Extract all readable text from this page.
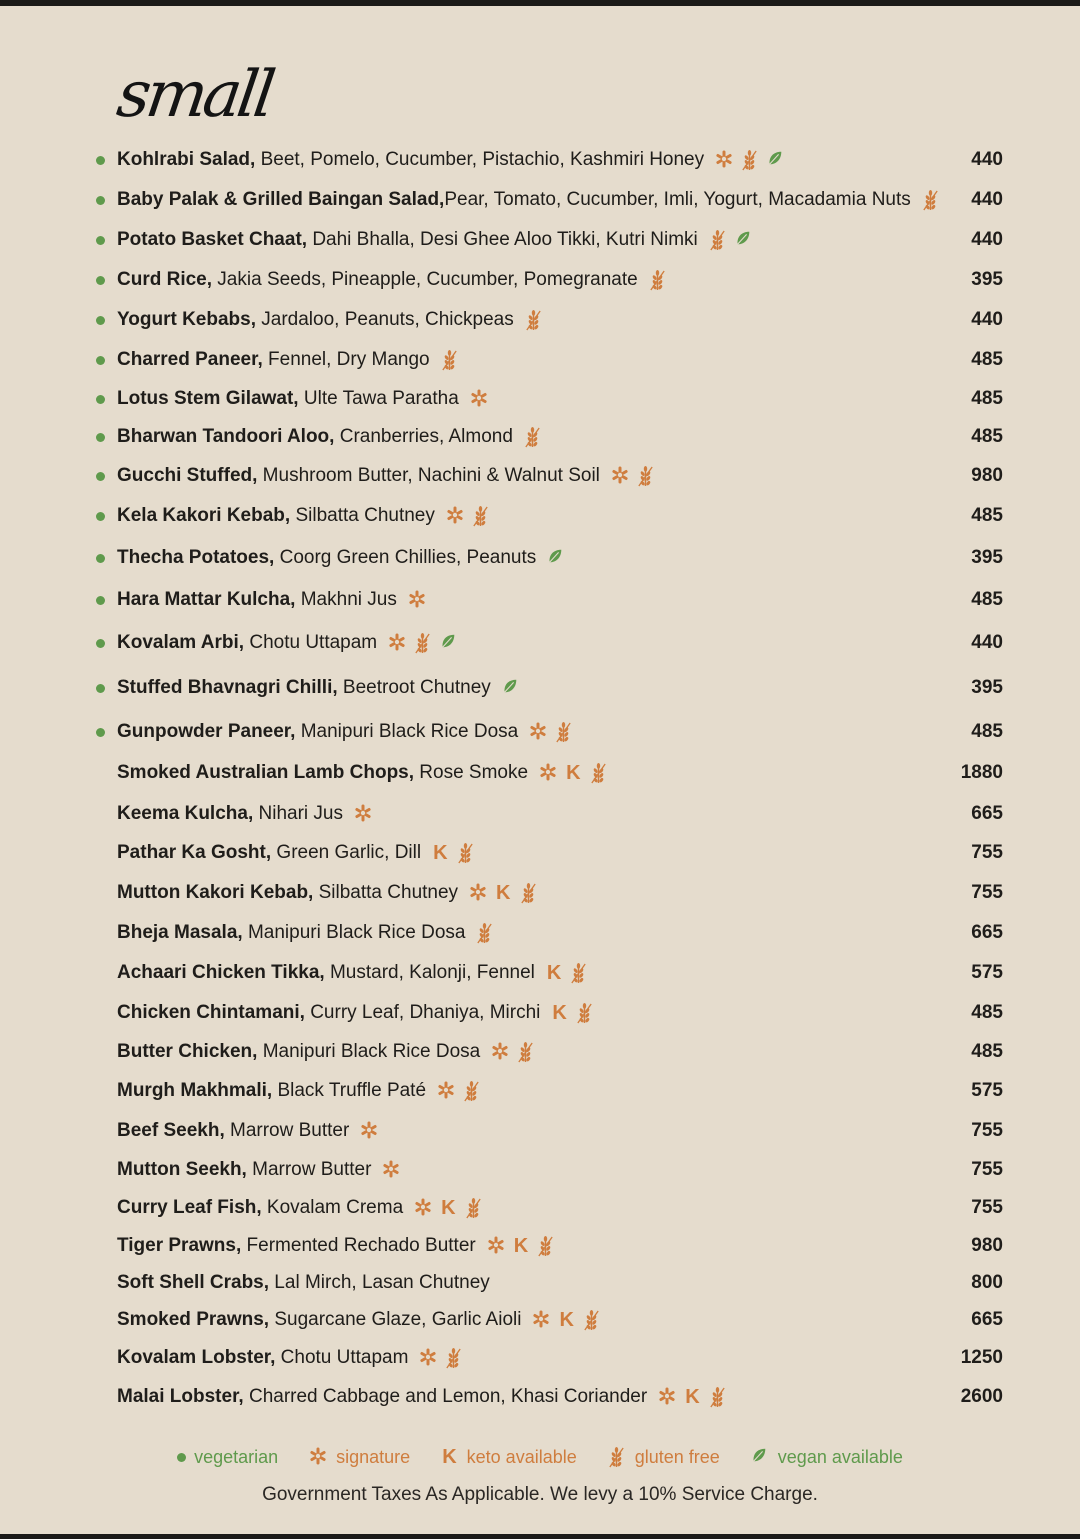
small
Kohlrabi Salad, Beet, Pomelo, Cucumber, Pistachio, Kashmiri Honey	440
Baby Palak & Grilled Baingan Salad, Pear, Tomato, Cucumber, Imli, Yogurt, Macadamia Nuts	440
Potato Basket Chaat, Dahi Bhalla, Desi Ghee Aloo Tikki, Kutri Nimki	440
Curd Rice, Jakia Seeds, Pineapple, Cucumber, Pomegranate	395
Yogurt Kebabs, Jardaloo, Peanuts, Chickpeas	440
Charred Paneer, Fennel, Dry Mango	485
Lotus Stem Gilawat, Ulte Tawa Paratha	485
Bharwan Tandoori Aloo, Cranberries, Almond	485
Gucchi Stuffed, Mushroom Butter, Nachini & Walnut Soil	980
Kela Kakori Kebab, Silbatta Chutney	485
Thecha Potatoes, Coorg Green Chillies, Peanuts	395
Hara Mattar Kulcha, Makhni Jus	485
Kovalam Arbi, Chotu Uttapam	440
Stuffed Bhavnagri Chilli, Beetroot Chutney	395
Gunpowder Paneer, Manipuri Black Rice Dosa	485
Smoked Australian Lamb Chops, Rose Smoke K	1880
Keema Kulcha, Nihari Jus	665
Pathar Ka Gosht, Green Garlic, Dill K	755
Mutton Kakori Kebab, Silbatta Chutney K	755
Bheja Masala, Manipuri Black Rice Dosa	665
Achaari Chicken Tikka, Mustard, Kalonji, Fennel K	575
Chicken Chintamani, Curry Leaf, Dhaniya, Mirchi K	485
Butter Chicken, Manipuri Black Rice Dosa	485
Murgh Makhmali, Black Truffle Paté	575
Beef Seekh, Marrow Butter	755
Mutton Seekh, Marrow Butter	755
Curry Leaf Fish, Kovalam Crema K	755
Tiger Prawns, Fermented Rechado Butter K	980
Soft Shell Crabs, Lal Mirch, Lasan Chutney	800
Smoked Prawns, Sugarcane Glaze, Garlic Aioli K	665
Kovalam Lobster, Chotu Uttapam	1250
Malai Lobster, Charred Cabbage and Lemon, Khasi Coriander K	2600
vegetarian	signature K keto available	gluten free	vegan available
Government Taxes As Applicable. We levy a 10% Service Charge.
